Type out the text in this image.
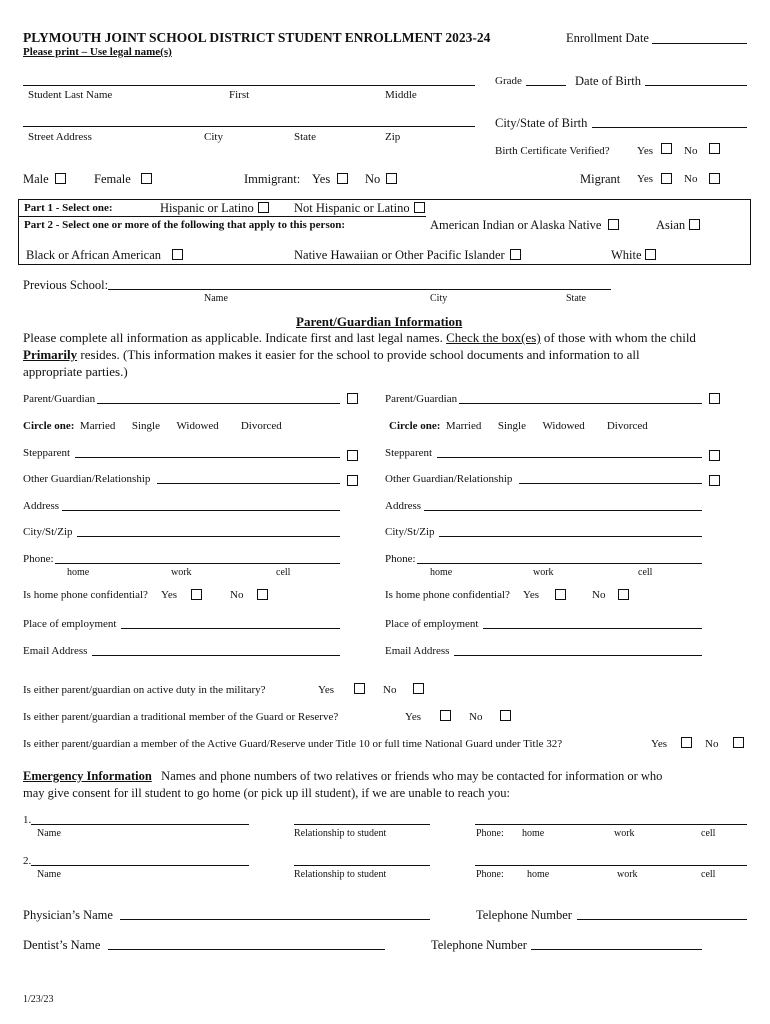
PLYMOUTH JOINT SCHOOL DISTRICT STUDENT ENROLLMENT 2023-24
Please print – Use legal name(s)
Enrollment Date
Student Last Name	First	Middle
Grade	Date of Birth
Street Address	City	State	Zip
City/State of Birth
Birth Certificate Verified? Yes	No
Male	Female	Immigrant: Yes	No	Migrant Yes	No
Part 1 - Select one:	Hispanic or Latino	Not Hispanic or Latino
Part 2 - Select one or more of the following that apply to this person:	American Indian or Alaska Native	Asian
Black or African American	Native Hawaiian or Other Pacific Islander	White
Previous School:
Name	City	State
Parent/Guardian Information
Please complete all information as applicable. Indicate first and last legal names. Check the box(es) of those with whom the child
Primarily resides. (This information makes it easier for the school to provide school documents and information to all
appropriate parties.)
Parent/Guardian
Circle one: Married Single Widowed Divorced
Stepparent
Other Guardian/Relationship
Address
City/St/Zip
Phone:
home	work	cell
Is home phone confidential? Yes	No
Place of employment
Email Address
Parent/Guardian
Circle one: Married Single Widowed Divorced
Stepparent
Other Guardian/Relationship
Address
City/St/Zip
Phone:
home	work	cell
Is home phone confidential? Yes	No
Place of employment
Email Address
Is either parent/guardian on active duty in the military?	Yes	No
Is either parent/guardian a traditional member of the Guard or Reserve?	Yes	No
Is either parent/guardian a member of the Active Guard/Reserve under Title 10 or full time National Guard under Title 32?	Yes	No
Emergency Information Names and phone numbers of two relatives or friends who may be contacted for information or who
may give consent for ill student to go home (or pick up ill student), if we are unable to reach you:
1.
Name	Relationship to student	Phone: home	work	cell
2.
Name	Relationship to student	Phone: home	work	cell
Physician’s Name	Telephone Number
Dentist’s Name	Telephone Number
1/23/23
